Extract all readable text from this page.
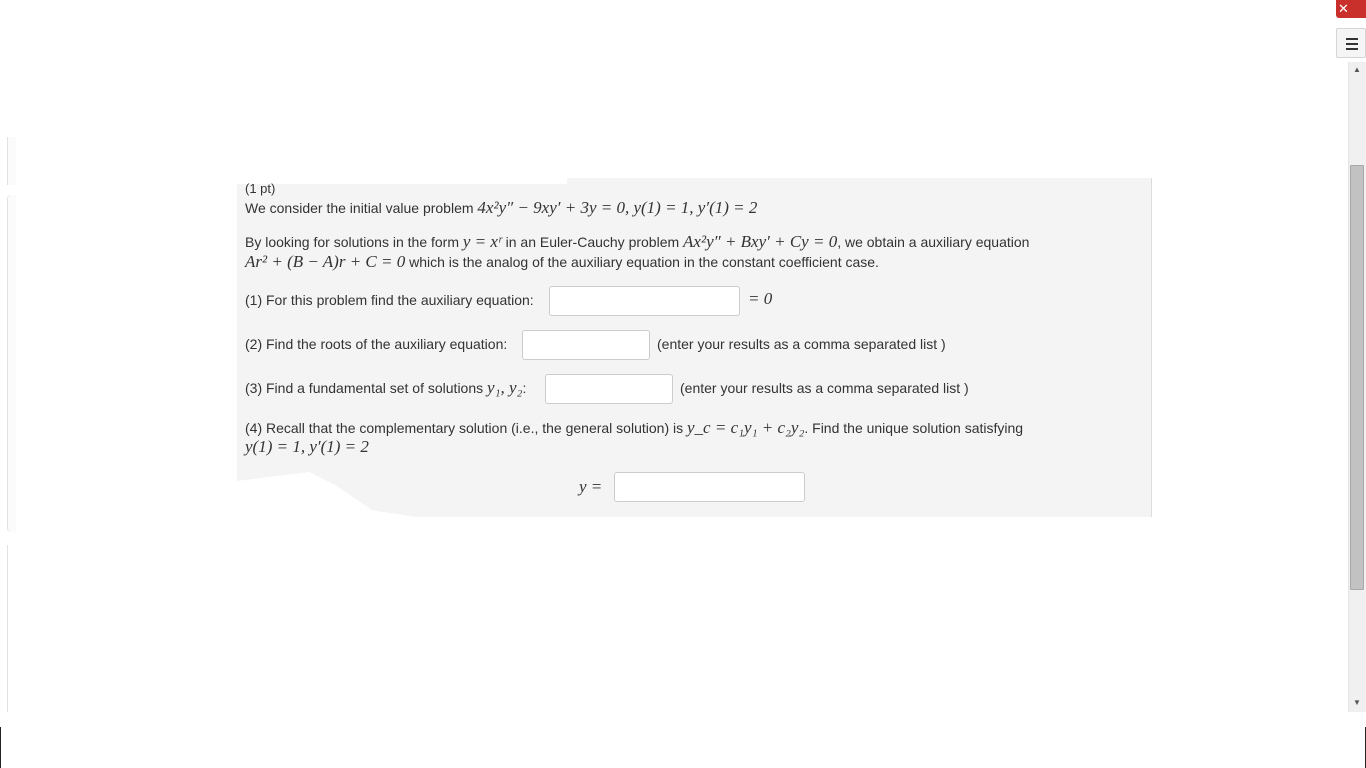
(1 pt)
We consider the initial value problem 4x²y″ − 9xy′ + 3y = 0, y(1) = 1, y′(1) = 2
By looking for solutions in the form y = xʳ in an Euler-Cauchy problem Ax²y″ + Bxy′ + Cy = 0, we obtain a auxiliary equation
Ar² + (B − A)r + C = 0 which is the analog of the auxiliary equation in the constant coefficient case.
(1) For this problem find the auxiliary equation:	= 0
(2) Find the roots of the auxiliary equation:	(enter your results as a comma separated list )
(3) Find a fundamental set of solutions y₁, y₂:	(enter your results as a comma separated list )
(4) Recall that the complementary solution (i.e., the general solution) is y_c = c₁y₁ + c₂y₂. Find the unique solution satisfying
y(1) = 1, y′(1) = 2
y =
✕
▲
▼
